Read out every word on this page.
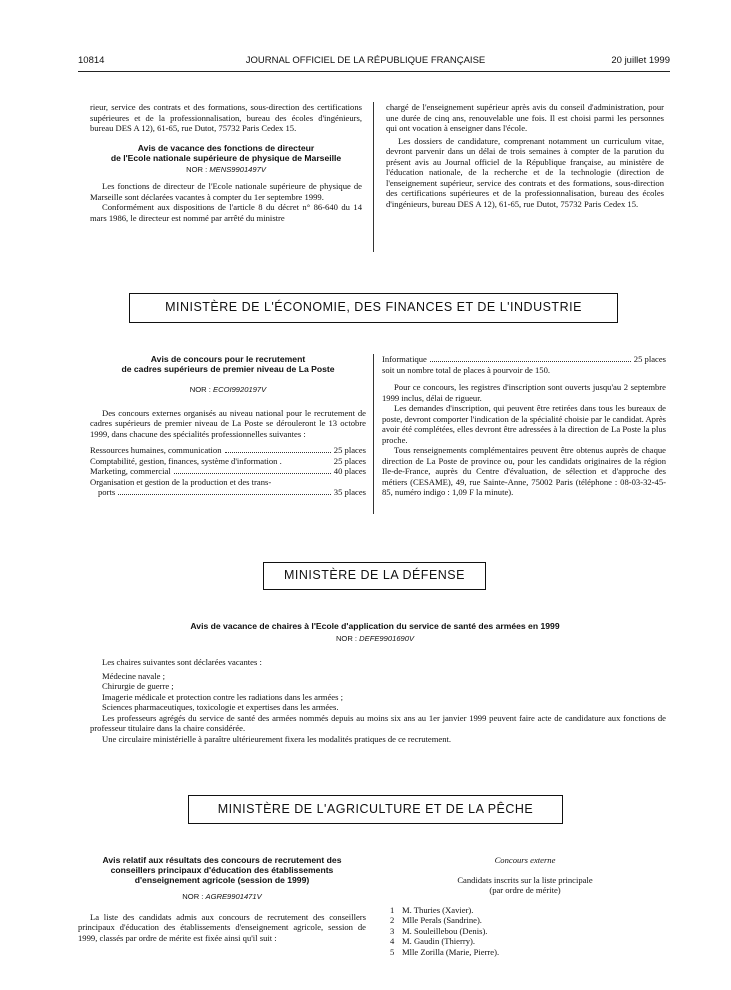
10814	JOURNAL OFFICIEL DE LA RÉPUBLIQUE FRANÇAISE	20 juillet 1999

rieur, service des contrats et des formations, sous-direction des certifications supérieures et de la professionnalisation, bureau des écoles d'ingénieurs, bureau DES A 12), 61-65, rue Dutot, 75732 Paris Cedex 15.

Avis de vacance des fonctions de directeur
de l'Ecole nationale supérieure de physique de Marseille
NOR : MENS9901497V

Les fonctions de directeur de l'Ecole nationale supérieure de physique de Marseille sont déclarées vacantes à compter du 1er septembre 1999.

Conformément aux dispositions de l'article 8 du décret n° 86-640 du 14 mars 1986, le directeur est nommé par arrêté du ministre

chargé de l'enseignement supérieur après avis du conseil d'administration, pour une durée de cinq ans, renouvelable une fois. Il est choisi parmi les personnes qui ont vocation à enseigner dans l'école.

Les dossiers de candidature, comprenant notamment un curriculum vitae, devront parvenir dans un délai de trois semaines à compter de la parution du présent avis au Journal officiel de la République française, au ministère de l'éducation nationale, de la recherche et de la technologie (direction de l'enseignement supérieur, service des contrats et des formations, sous-direction des certifications supérieures et de la professionnalisation, bureau des écoles d'ingénieurs, bureau DES A 12), 61-65, rue Dutot, 75732 Paris Cedex 15.

MINISTÈRE DE L'ÉCONOMIE, DES FINANCES ET DE L'INDUSTRIE
Avis de concours pour le recrutement
de cadres supérieurs de premier niveau de La Poste
NOR : ECOI9920197V

Des concours externes organisés au niveau national pour le recrutement de cadres supérieurs de premier niveau de La Poste se dérouleront le 13 octobre 1999, dans chacune des spécialités professionnelles suivantes :

Ressources humaines, communication	25 places
Comptabilité, gestion, finances, système d'information .	25 places
Marketing, commercial	40 places
Organisation et gestion de la production et des trans-
ports	35 places
Informatique	25 places

soit un nombre total de places à pourvoir de 150.

Pour ce concours, les registres d'inscription sont ouverts jusqu'au 2 septembre 1999 inclus, délai de rigueur.

Les demandes d'inscription, qui peuvent être retirées dans tous les bureaux de poste, devront comporter l'indication de la spécialité choisie par le candidat. Après avoir été complétées, elles devront être adressées à la direction de La Poste la plus proche.

Tous renseignements complémentaires peuvent être obtenus auprès de chaque direction de La Poste de province ou, pour les candidats originaires de la région Ile-de-France, auprès du Centre d'évaluation, de sélection et d'approche des métiers (CESAME), 49, rue Sainte-Anne, 75002 Paris (téléphone : 08-03-32-45-85, numéro indigo : 1,09 F la minute).

MINISTÈRE DE LA DÉFENSE
Avis de vacance de chaires à l'Ecole d'application du service de santé des armées en 1999
NOR : DEFE9901690V

Les chaires suivantes sont déclarées vacantes :

Médecine navale ;

Chirurgie de guerre ;

Imagerie médicale et protection contre les radiations dans les armées ;

Sciences pharmaceutiques, toxicologie et expertises dans les armées.

Les professeurs agrégés du service de santé des armées nommés depuis au moins six ans au 1er janvier 1999 peuvent faire acte de candidature aux fonctions de professeur titulaire dans la chaire considérée.

Une circulaire ministérielle à paraître ultérieurement fixera les modalités pratiques de ce recrutement.

MINISTÈRE DE L'AGRICULTURE ET DE LA PÊCHE
Avis relatif aux résultats des concours de recrutement des
conseillers principaux d'éducation des établissements
d'enseignement agricole (session de 1999)
NOR : AGRE9901471V

La liste des candidats admis aux concours de recrutement des conseillers principaux d'éducation des établissements d'enseignement agricole, session de 1999, classés par ordre de mérite est fixée ainsi qu'il suit :

Concours externe
Candidats inscrits sur la liste principale
(par ordre de mérite)
1 M. Thuries (Xavier).
2 Mlle Perals (Sandrine).
3 M. Souleillebou (Denis).
4 M. Gaudin (Thierry).
5 Mlle Zorilla (Marie, Pierre).
